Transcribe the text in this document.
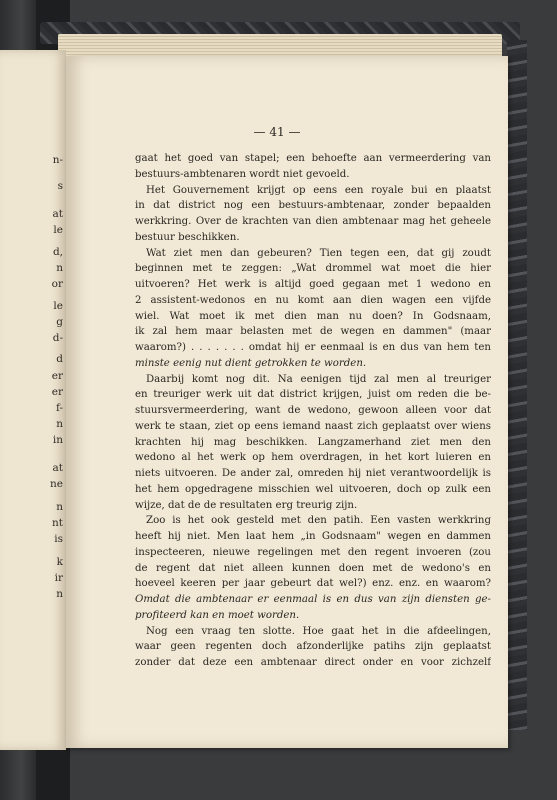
n-
s
at
le
d,
n
or
le
g
d-
d
er
er
f-
n
in
at
ne
n
nt
is
k
ir
n
— 41 —
gaat het goed van stapel; een behoefte aan vermeerdering van
bestuurs-ambtenaren wordt niet gevoeld.
Het Gouvernement krijgt op eens een royale bui en plaatst
in dat district nog een bestuurs-ambtenaar, zonder bepaalden
werkkring. Over de krachten van dien ambtenaar mag het geheele
bestuur beschikken.
Wat ziet men dan gebeuren? Tien tegen een, dat gij zoudt
beginnen met te zeggen: „Wat drommel wat moet die hier
uitvoeren? Het werk is altijd goed gegaan met 1 wedono en
2 assistent-wedonos en nu komt aan dien wagen een vijfde
wiel. Wat moet ik met dien man nu doen? In Godsnaam,
ik zal hem maar belasten met de wegen en dammen" (maar
waarom?) . . . . . . . omdat hij er eenmaal is en dus van hem ten
minste eenig nut dient getrokken te worden.
Daarbij komt nog dit. Na eenigen tijd zal men al treuriger
en treuriger werk uit dat district krijgen, juist om reden die be-
stuursvermeerdering, want de wedono, gewoon alleen voor dat
werk te staan, ziet op eens iemand naast zich geplaatst over wiens
krachten hij mag beschikken. Langzamerhand ziet men den
wedono al het werk op hem overdragen, in het kort luieren en
niets uitvoeren. De ander zal, omreden hij niet verantwoordelijk is
het hem opgedragene misschien wel uitvoeren, doch op zulk een
wijze, dat de de resultaten erg treurig zijn.
Zoo is het ook gesteld met den patih. Een vasten werkkring
heeft hij niet. Men laat hem „in Godsnaam" wegen en dammen
inspecteeren, nieuwe regelingen met den regent invoeren (zou
de regent dat niet alleen kunnen doen met de wedono's en
hoeveel keeren per jaar gebeurt dat wel?) enz. enz. en waarom?
Omdat die ambtenaar er eenmaal is en dus van zijn diensten ge-
profiteerd kan en moet worden.
Nog een vraag ten slotte. Hoe gaat het in die afdeelingen,
waar geen regenten doch afzonderlijke patihs zijn geplaatst
zonder dat deze een ambtenaar direct onder en voor zichzelf
